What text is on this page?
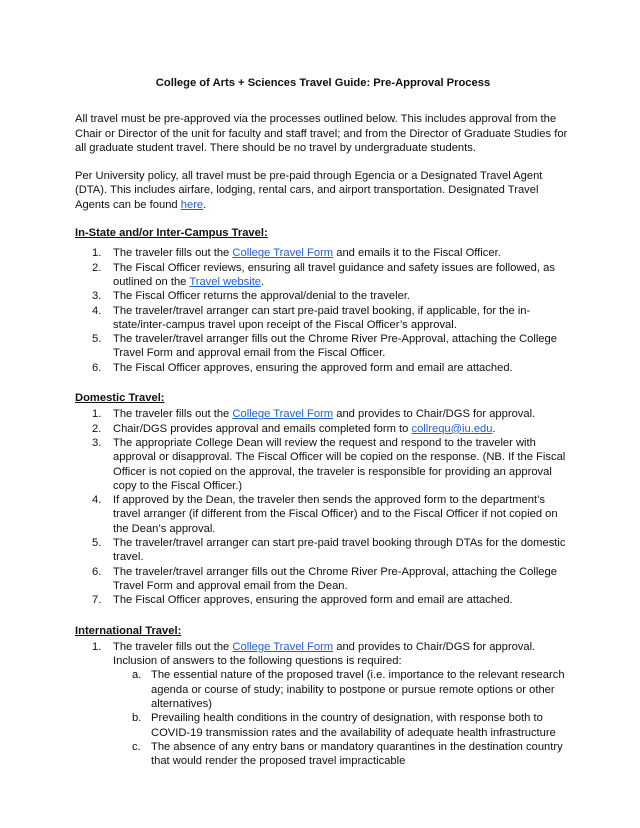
College of Arts + Sciences Travel Guide: Pre-Approval Process

All travel must be pre-approved via the processes outlined below. This includes approval from the Chair or Director of the unit for faculty and staff travel; and from the Director of Graduate Studies for all graduate student travel. There should be no travel by undergraduate students.

Per University policy, all travel must be pre-paid through Egencia or a Designated Travel Agent (DTA). This includes airfare, lodging, rental cars, and airport transportation. Designated Travel Agents can be found here.

In-State and/or Inter-Campus Travel:
1. The traveler fills out the College Travel Form and emails it to the Fiscal Officer.
2. The Fiscal Officer reviews, ensuring all travel guidance and safety issues are followed, as outlined on the Travel website.
3. The Fiscal Officer returns the approval/denial to the traveler.
4. The traveler/travel arranger can start pre-paid travel booking, if applicable, for the in-state/inter-campus travel upon receipt of the Fiscal Officer’s approval.
5. The traveler/travel arranger fills out the Chrome River Pre-Approval, attaching the College Travel Form and approval email from the Fiscal Officer.
6. The Fiscal Officer approves, ensuring the approved form and email are attached.
Domestic Travel:
1. The traveler fills out the College Travel Form and provides to Chair/DGS for approval.
2. Chair/DGS provides approval and emails completed form to collrequ@iu.edu.
3. The appropriate College Dean will review the request and respond to the traveler with approval or disapproval. The Fiscal Officer will be copied on the response. (NB. If the Fiscal Officer is not copied on the approval, the traveler is responsible for providing an approval copy to the Fiscal Officer.)
4. If approved by the Dean, the traveler then sends the approved form to the department’s travel arranger (if different from the Fiscal Officer) and to the Fiscal Officer if not copied on the Dean’s approval.
5. The traveler/travel arranger can start pre-paid travel booking through DTAs for the domestic travel.
6. The traveler/travel arranger fills out the Chrome River Pre-Approval, attaching the College Travel Form and approval email from the Dean.
7. The Fiscal Officer approves, ensuring the approved form and email are attached.
International Travel:
1. The traveler fills out the College Travel Form and provides to Chair/DGS for approval. Inclusion of answers to the following questions is required:
a. The essential nature of the proposed travel (i.e. importance to the relevant research agenda or course of study; inability to postpone or pursue remote options or other alternatives)
b. Prevailing health conditions in the country of designation, with response both to COVID-19 transmission rates and the availability of adequate health infrastructure
c. The absence of any entry bans or mandatory quarantines in the destination country that would render the proposed travel impracticable
